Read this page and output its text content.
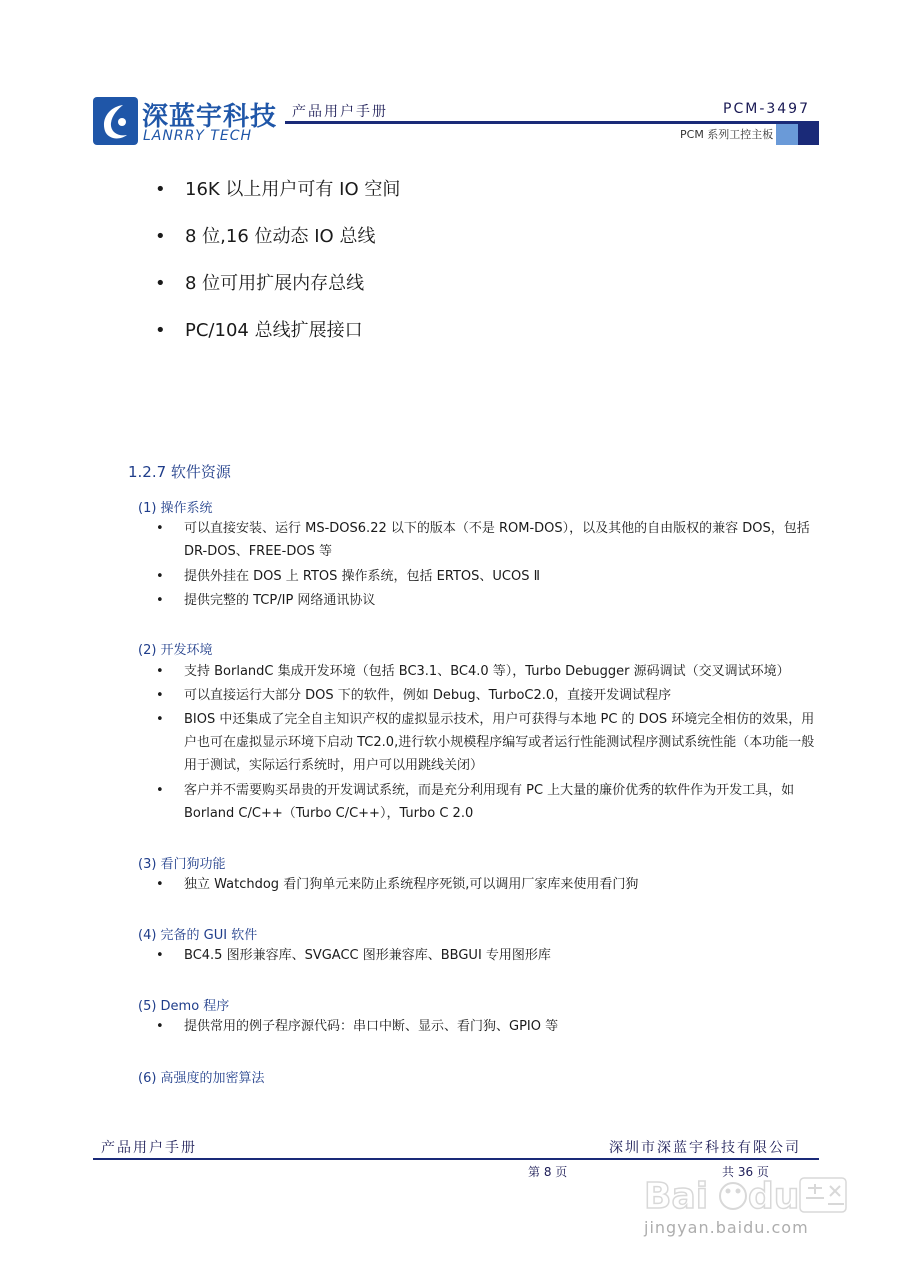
深蓝宇科技
LANRRY TECH
产品用户手册	PCM-3497
PCM 系列工控主板
• 16K 以上用户可有 IO 空间
• 8 位,16 位动态 IO 总线
• 8 位可用扩展内存总线
• PC/104 总线扩展接口
1.2.7 软件资源
(1) 操作系统
• 可以直接安装、运行 MS-DOS6.22 以下的版本（不是 ROM-DOS），以及其他的自由版权的兼容 DOS，包括 DR-DOS、FREE-DOS 等
• 提供外挂在 DOS 上 RTOS 操作系统，包括 ERTOS、UCOS Ⅱ
• 提供完整的 TCP/IP 网络通讯协议
(2) 开发环境
• 支持 BorlandC 集成开发环境（包括 BC3.1、BC4.0 等），Turbo Debugger 源码调试（交叉调试环境）
• 可以直接运行大部分 DOS 下的软件，例如 Debug、TurboC2.0，直接开发调试程序
• BIOS 中还集成了完全自主知识产权的虚拟显示技术，用户可获得与本地 PC 的 DOS 环境完全相仿的效果，用户也可在虚拟显示环境下启动 TC2.0,进行软小规模程序编写或者运行性能测试程序测试系统性能（本功能一般用于测试，实际运行系统时，用户可以用跳线关闭）
• 客户并不需要购买昂贵的开发调试系统，而是充分利用现有 PC 上大量的廉价优秀的软件作为开发工具，如 Borland C/C++（Turbo C/C++），Turbo C 2.0
(3) 看门狗功能
• 独立 Watchdog 看门狗单元来防止系统程序死锁,可以调用厂家库来使用看门狗
(4) 完备的 GUI 软件
• BC4.5 图形兼容库、SVGACC 图形兼容库、BBGUI 专用图形库
(5) Demo 程序
• 提供常用的例子程序源代码：串口中断、显示、看门狗、GPIO 等
(6) 高强度的加密算法
产品用户手册	深圳市深蓝宇科技有限公司
第 8 页	共 36 页
Bai du
jingyan.baidu.com
